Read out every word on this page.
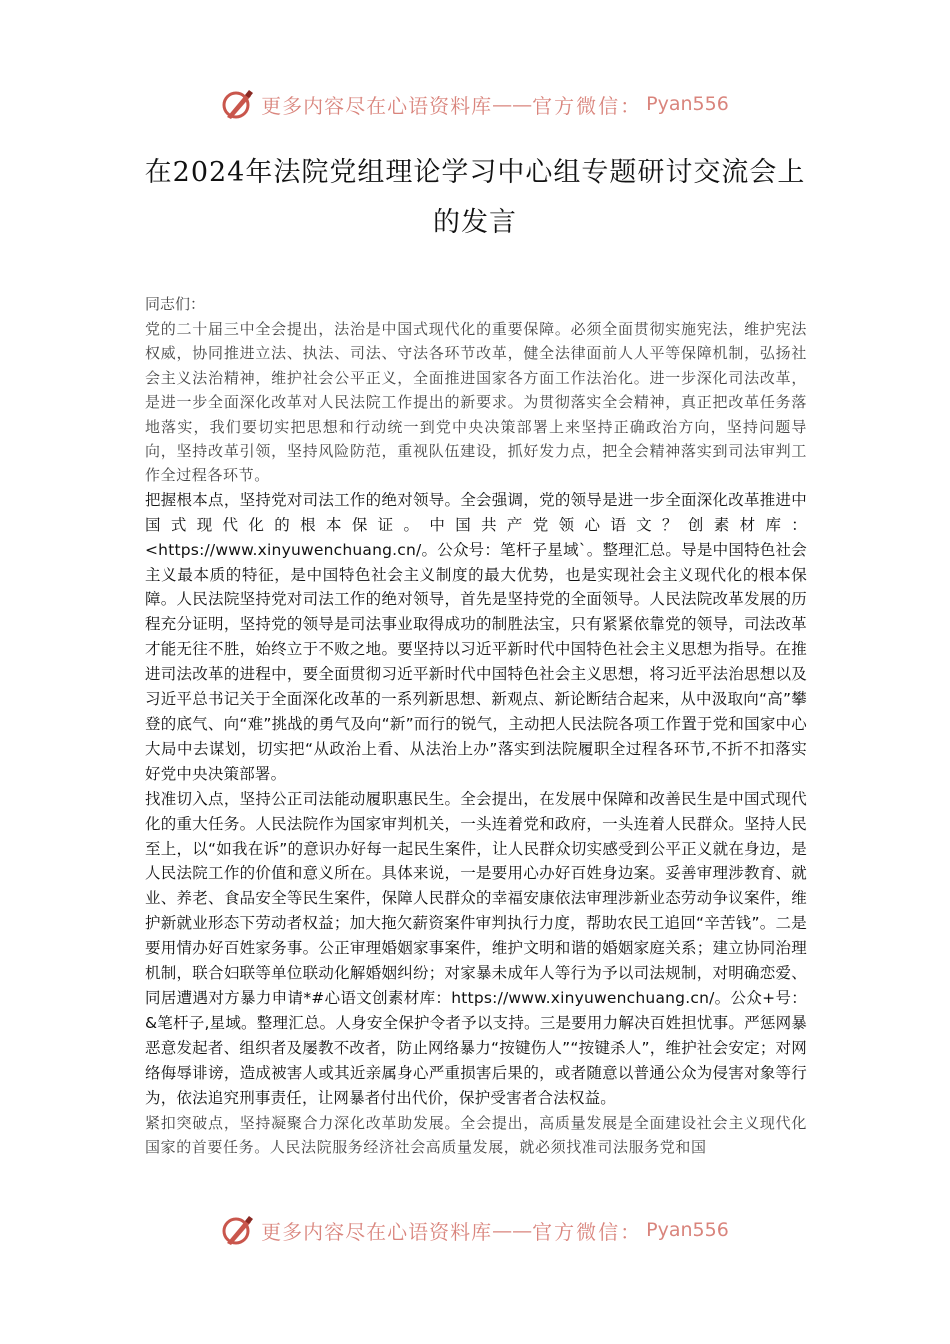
更多内容尽在心语资料库 —— 官方微信： Pyan556
在2024年法院党组理论学习中心组专题研讨交流会上的发言

同志们：

党的二十届三中全会提出，法治是中国式现代化的重要保障。必须全面贯彻实施宪法，维护宪法权威，协同推进立法、执法、司法、守法各环节改革，健全法律面前人人平等保障机制，弘扬社会主义法治精神，维护社会公平正义，全面推进国家各方面工作法治化。进一步深化司法改革，是进一步全面深化改革对人民法院工作提出的新要求。为贯彻落实全会精神，真正把改革任务落地落实，我们要切实把思想和行动统一到党中央决策部署上来坚持正确政治方向，坚持问题导向，坚持改革引领，坚持风险防范，重视队伍建设，抓好发力点，把全会精神落实到司法审判工作全过程各环节。

把握根本点，坚持党对司法工作的绝对领导。全会强调，党的领导是进一步全面深化改革推进中国式现代化的根本保证。中国共产党领心语文？创素材库：<https://www.xinyuwenchuang.cn/。公众号：笔杆子星域`。整理汇总。导是中国特色社会主义最本质的特征，是中国特色社会主义制度的最大优势，也是实现社会主义现代化的根本保障。人民法院坚持党对司法工作的绝对领导，首先是坚持党的全面领导。人民法院改革发展的历程充分证明，坚持党的领导是司法事业取得成功的制胜法宝，只有紧紧依靠党的领导，司法改革才能无往不胜，始终立于不败之地。要坚持以习近平新时代中国特色社会主义思想为指导。在推进司法改革的进程中，要全面贯彻习近平新时代中国特色社会主义思想，将习近平法治思想以及习近平总书记关于全面深化改革的一系列新思想、新观点、新论断结合起来，从中汲取向“高”攀登的底气、向“难”挑战的勇气及向“新”而行的锐气，主动把人民法院各项工作置于党和国家中心大局中去谋划，切实把“从政治上看、从法治上办”落实到法院履职全过程各环节,不折不扣落实好党中央决策部署。

找准切入点，坚持公正司法能动履职惠民生。全会提出，在发展中保障和改善民生是中国式现代化的重大任务。人民法院作为国家审判机关，一头连着党和政府，一头连着人民群众。坚持人民至上，以“如我在诉”的意识办好每一起民生案件，让人民群众切实感受到公平正义就在身边，是人民法院工作的价值和意义所在。具体来说，一是要用心办好百姓身边案。妥善审理涉教育、就业、养老、食品安全等民生案件，保障人民群众的幸福安康依法审理涉新业态劳动争议案件，维护新就业形态下劳动者权益；加大拖欠薪资案件审判执行力度，帮助农民工追回“辛苦钱”。二是要用情办好百姓家务事。公正审理婚姻家事案件，维护文明和谐的婚姻家庭关系；建立协同治理机制，联合妇联等单位联动化解婚姻纠纷；对家暴未成年人等行为予以司法规制，对明确恋爱、同居遭遇对方暴力申请*#心语文创素材库：https://www.xinyuwenchuang.cn/。公众+号：&笔杆子,星域。整理汇总。人身安全保护令者予以支持。三是要用力解决百姓担忧事。严惩网暴恶意发起者、组织者及屡教不改者，防止网络暴力“按键伤人”“按键杀人”，维护社会安定；对网络侮辱诽谤，造成被害人或其近亲属身心严重损害后果的，或者随意以普通公众为侵害对象等行为，依法追究刑事责任，让网暴者付出代价，保护受害者合法权益。

紧扣突破点，坚持凝聚合力深化改革助发展。全会提出，高质量发展是全面建设社会主义现代化国家的首要任务。人民法院服务经济社会高质量发展，就必须找准司法服务党和国

更多内容尽在心语资料库 —— 官方微信： Pyan556
